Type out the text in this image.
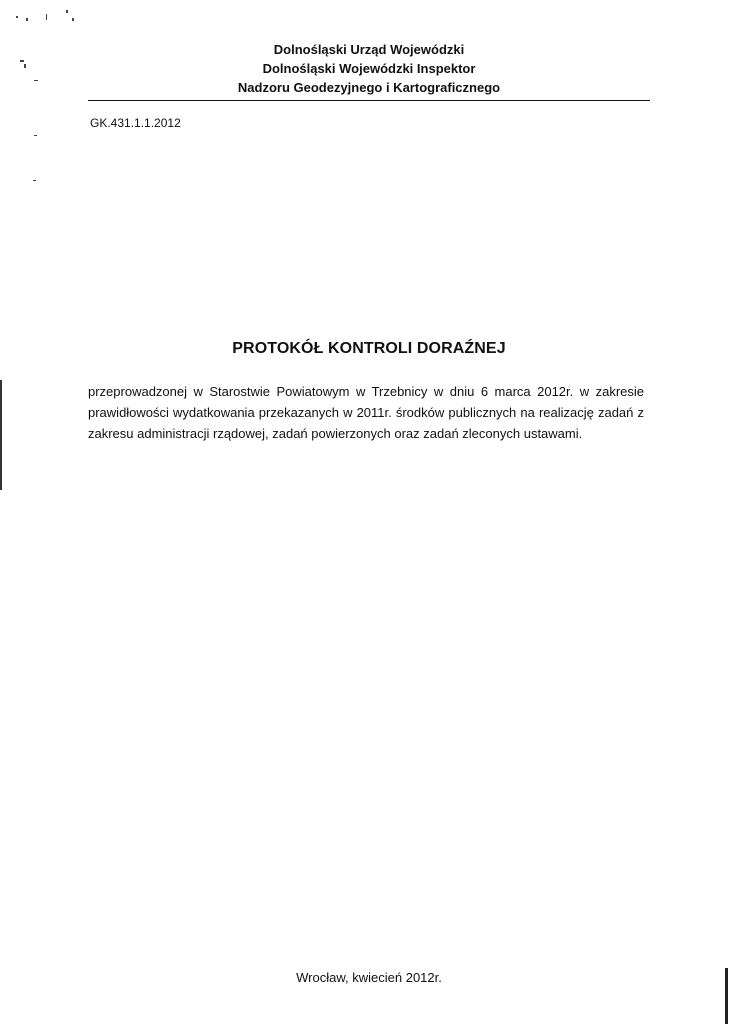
Dolnośląski Urząd Wojewódzki
Dolnośląski Wojewódzki Inspektor
Nadzoru Geodezyjnego i Kartograficznego
GK.431.1.1.2012
PROTOKÓŁ KONTROLI DORAŹNEJ
przeprowadzonej w Starostwie Powiatowym w Trzebnicy w dniu 6 marca 2012r. w zakresie prawidłowości wydatkowania przekazanych w 2011r. środków publicznych na realizację zadań z zakresu administracji rządowej, zadań powierzonych oraz zadań zleconych ustawami.
Wrocław, kwiecień 2012r.
